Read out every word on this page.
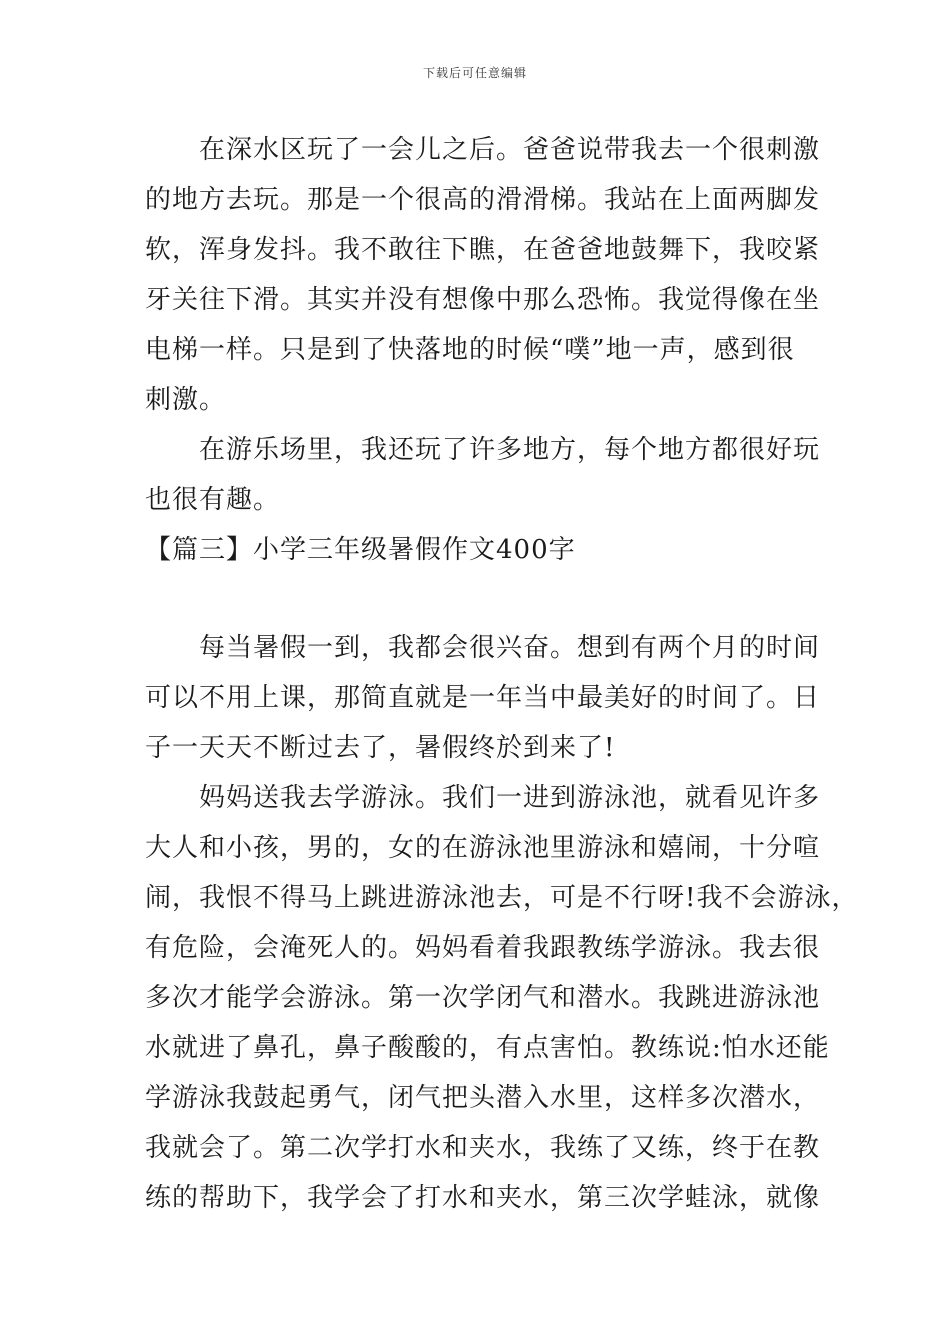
下载后可任意编辑
在深水区玩了一会儿之后。爸爸说带我去一个很刺激
的地方去玩。那是一个很高的滑滑梯。我站在上面两脚发
软，浑身发抖。我不敢往下瞧，在爸爸地鼓舞下，我咬紧
牙关往下滑。其实并没有想像中那么恐怖。我觉得像在坐
电梯一样。只是到了快落地的时候“噗”地一声，感到很
刺激。
在游乐场里，我还玩了许多地方，每个地方都很好玩
也很有趣。
【篇三】小学三年级暑假作文400字
每当暑假一到，我都会很兴奋。想到有两个月的时间
可以不用上课，那简直就是一年当中最美好的时间了。日
子一天天不断过去了，暑假终於到来了!
妈妈送我去学游泳。我们一进到游泳池，就看见许多
大人和小孩，男的，女的在游泳池里游泳和嬉闹，十分喧
闹，我恨不得马上跳进游泳池去，可是不行呀!我不会游泳，
有危险，会淹死人的。妈妈看着我跟教练学游泳。我去很
多次才能学会游泳。第一次学闭气和潜水。我跳进游泳池
水就进了鼻孔，鼻子酸酸的，有点害怕。教练说:怕水还能
学游泳我鼓起勇气，闭气把头潜入水里，这样多次潜水，
我就会了。第二次学打水和夹水，我练了又练，终于在教
练的帮助下，我学会了打水和夹水，第三次学蛙泳，就像
